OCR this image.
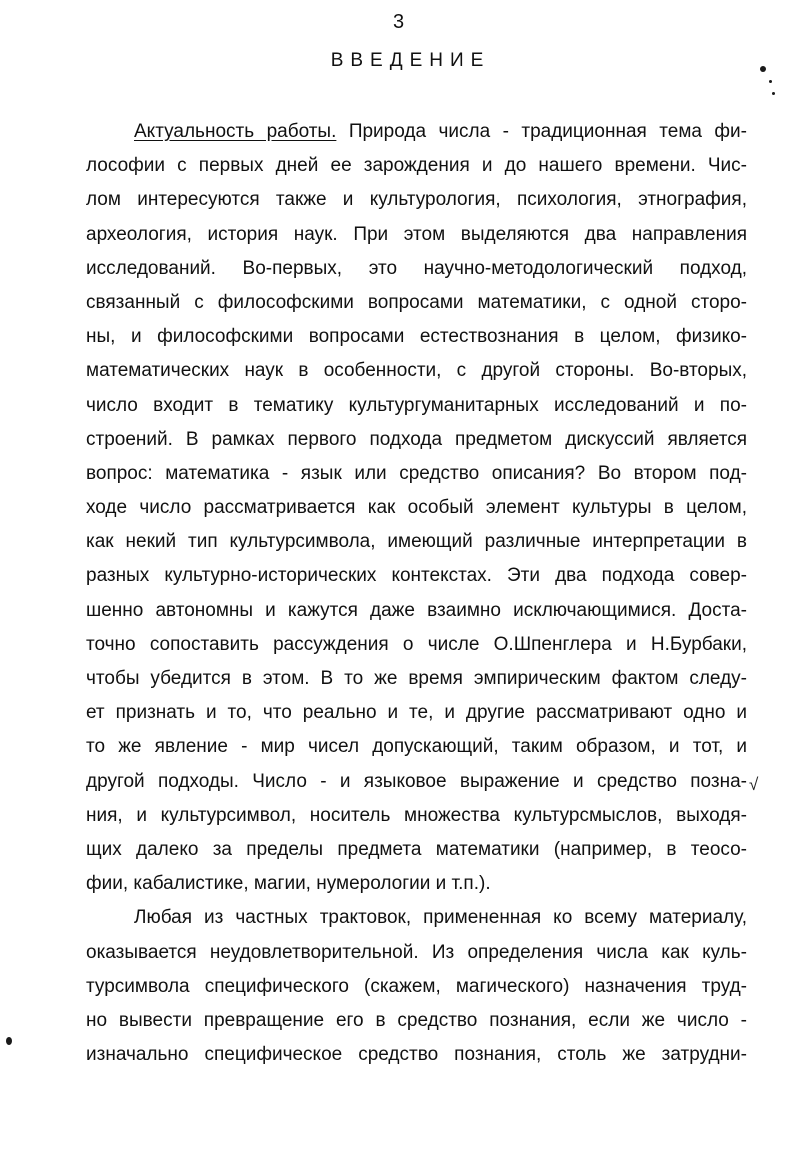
3
ВВЕДЕНИЕ
Актуальность работы. Природа числа - традиционная тема фи-
лософии с первых дней ее зарождения и до нашего времени. Чис-
лом интересуются также и культурология, психология, этнография,
археология, история наук. При этом выделяются два направления
исследований. Во-первых, это научно-методологический подход,
связанный с философскими вопросами математики, с одной сторо-
ны, и философскими вопросами естествознания в целом, физико-
математических наук в особенности, с другой стороны. Во-вторых,
число входит в тематику культургуманитарных исследований и по-
строений. В рамках первого подхода предметом дискуссий является
вопрос: математика - язык или средство описания? Во втором под-
ходе число рассматривается как особый элемент культуры в целом,
как некий тип культурсимвола, имеющий различные интерпретации в
разных культурно-исторических контекстах. Эти два подхода совер-
шенно автономны и кажутся даже взаимно исключающимися. Доста-
точно сопоставить рассуждения о числе О.Шпенглера и Н.Бурбаки,
чтобы убедится в этом. В то же время эмпирическим фактом следу-
ет признать и то, что реально и те, и другие рассматривают одно и
то же явление - мир чисел допускающий, таким образом, и тот, и
другой подходы. Число - и языковое выражение и средство позна-
ния, и культурсимвол, носитель множества культурсмыслов, выходя-
щих далеко за пределы предмета математики (например, в теосо-
фии, кабалистике, магии, нумерологии и т.п.).
Любая из частных трактовок, примененная ко всему материалу,
оказывается неудовлетворительной. Из определения числа как куль-
турсимвола специфического (скажем, магического) назначения труд-
но вывести превращение его в средство познания, если же число -
изначально специфическое средство познания, столь же затрудни-
√
